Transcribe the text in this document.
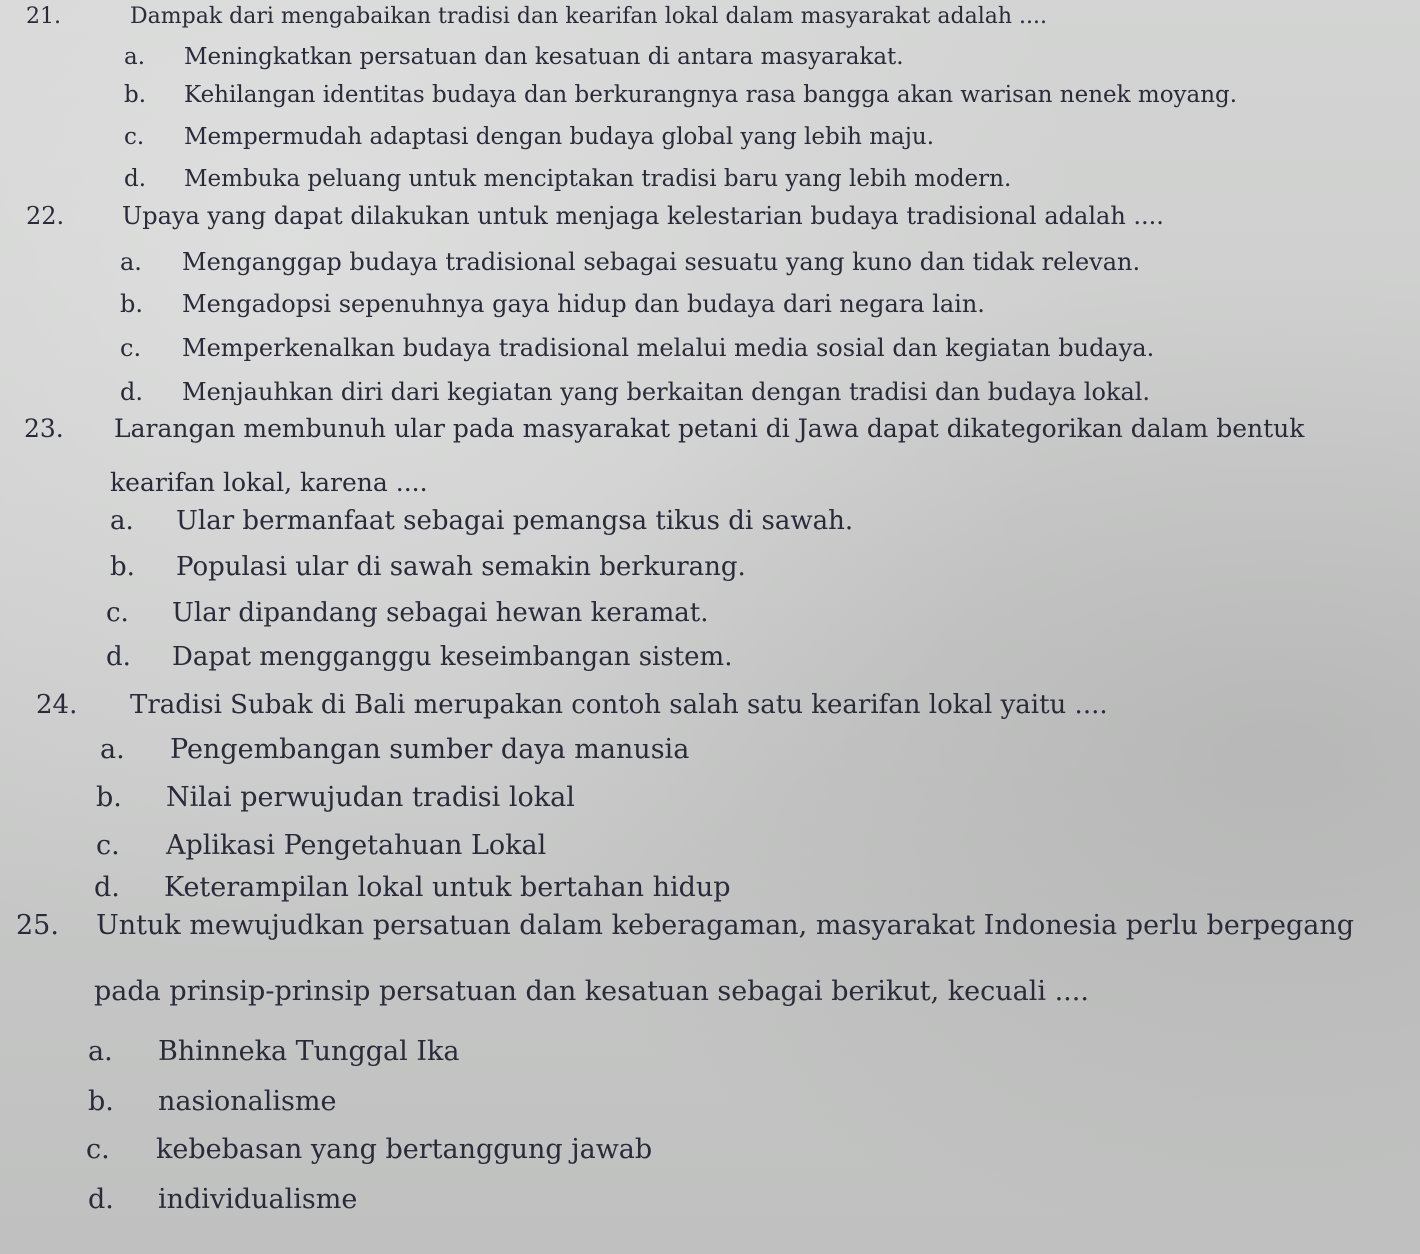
21.	Dampak dari mengabaikan tradisi dan kearifan lokal dalam masyarakat adalah ....
a. Meningkatkan persatuan dan kesatuan di antara masyarakat.
b. Kehilangan identitas budaya dan berkurangnya rasa bangga akan warisan nenek moyang.
c. Mempermudah adaptasi dengan budaya global yang lebih maju.
d. Membuka peluang untuk menciptakan tradisi baru yang lebih modern.
22. Upaya yang dapat dilakukan untuk menjaga kelestarian budaya tradisional adalah ....
a. Menganggap budaya tradisional sebagai sesuatu yang kuno dan tidak relevan.
b. Mengadopsi sepenuhnya gaya hidup dan budaya dari negara lain.
c. Memperkenalkan budaya tradisional melalui media sosial dan kegiatan budaya.
d. Menjauhkan diri dari kegiatan yang berkaitan dengan tradisi dan budaya lokal.
23. Larangan membunuh ular pada masyarakat petani di Jawa dapat dikategorikan dalam bentuk
kearifan lokal, karena ....
a. Ular bermanfaat sebagai pemangsa tikus di sawah.
b. Populasi ular di sawah semakin berkurang.
c. Ular dipandang sebagai hewan keramat.
d. Dapat mengganggu keseimbangan sistem.
24. Tradisi Subak di Bali merupakan contoh salah satu kearifan lokal yaitu ....
a. Pengembangan sumber daya manusia
b. Nilai perwujudan tradisi lokal
c. Aplikasi Pengetahuan Lokal
d. Keterampilan lokal untuk bertahan hidup
25. Untuk mewujudkan persatuan dalam keberagaman, masyarakat Indonesia perlu berpegang
pada prinsip-prinsip persatuan dan kesatuan sebagai berikut, kecuali ....
a. Bhinneka Tunggal Ika
b. nasionalisme
c. kebebasan yang bertanggung jawab
d. individualisme
